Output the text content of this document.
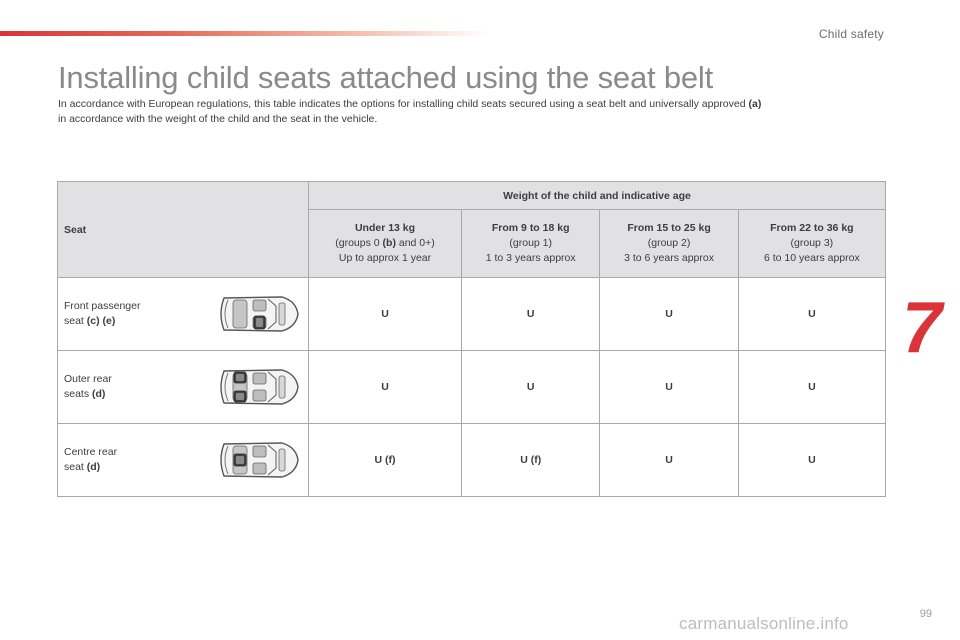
Child safety
Installing child seats attached using the seat belt

In accordance with European regulations, this table indicates the options for installing child seats secured using a seat belt and universally approved (a)
in accordance with the weight of the child and the seat in the vehicle.

7
Seat	Weight of the child and indicative age			
	Under 13 kg
(groups 0 (b) and 0+)
Up to approx 1 year	From 9 to 18 kg
(group 1)
1 to 3 years approx	From 15 to 25 kg
(group 2)
3 to 6 years approx	From 22 to 36 kg
(group 3)
6 to 10 years approx

Front passenger
seat (c) (e)	U	U	U	U

Outer rear
seats (d)	U	U	U	U

Centre rear
seat (d)	U (f)	U (f)	U	U
carmanualsonline.info	99
